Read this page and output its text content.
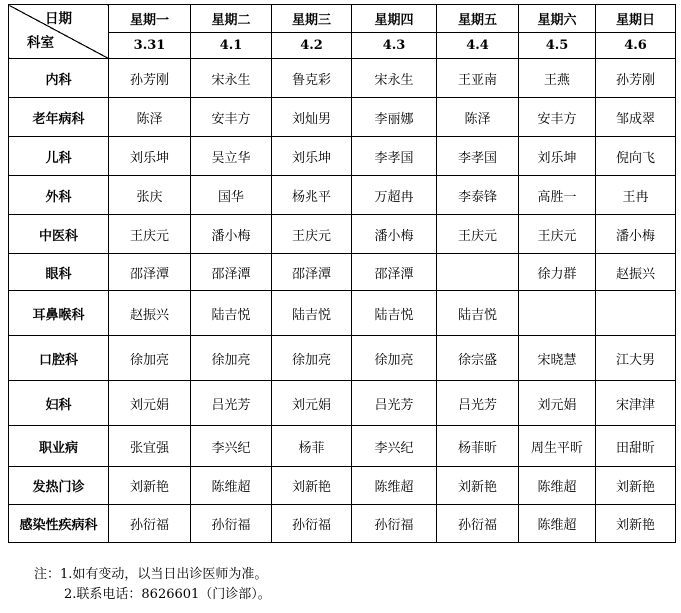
日期
科室	星期一	星期二	星期三	星期四	星期五	星期六	星期日
	3.31	4.1	4.2	4.3	4.4	4.5	4.6
内科	孙芳刚	宋永生	鲁克彩	宋永生	王亚南	王燕	孙芳刚
老年病科	陈泽	安丰方	刘灿男	李丽娜	陈泽	安丰方	邹成翠
儿科	刘乐坤	吴立华	刘乐坤	李孝国	李孝国	刘乐坤	倪向飞
外科	张庆	国华	杨兆平	万超冉	李泰锋	高胜一	王冉
中医科	王庆元	潘小梅	王庆元	潘小梅	王庆元	王庆元	潘小梅
眼科	邵泽潭	邵泽潭	邵泽潭	邵泽潭		徐力群	赵振兴
耳鼻喉科	赵振兴	陆吉悦	陆吉悦	陆吉悦	陆吉悦		
口腔科	徐加亮	徐加亮	徐加亮	徐加亮	徐宗盛	宋晓慧	江大男
妇科	刘元娟	吕光芳	刘元娟	吕光芳	吕光芳	刘元娟	宋津津
职业病	张宜强	李兴纪	杨菲	李兴纪	杨菲昕	周生平昕	田甜昕
发热门诊	刘新艳	陈维超	刘新艳	陈维超	刘新艳	陈维超	刘新艳
感染性疾病科	孙衍福	孙衍福	孙衍福	孙衍福	孙衍福	陈维超	刘新艳
注：1.如有变动，以当日出诊医师为准。
2.联系电话：8626601（门诊部）。
